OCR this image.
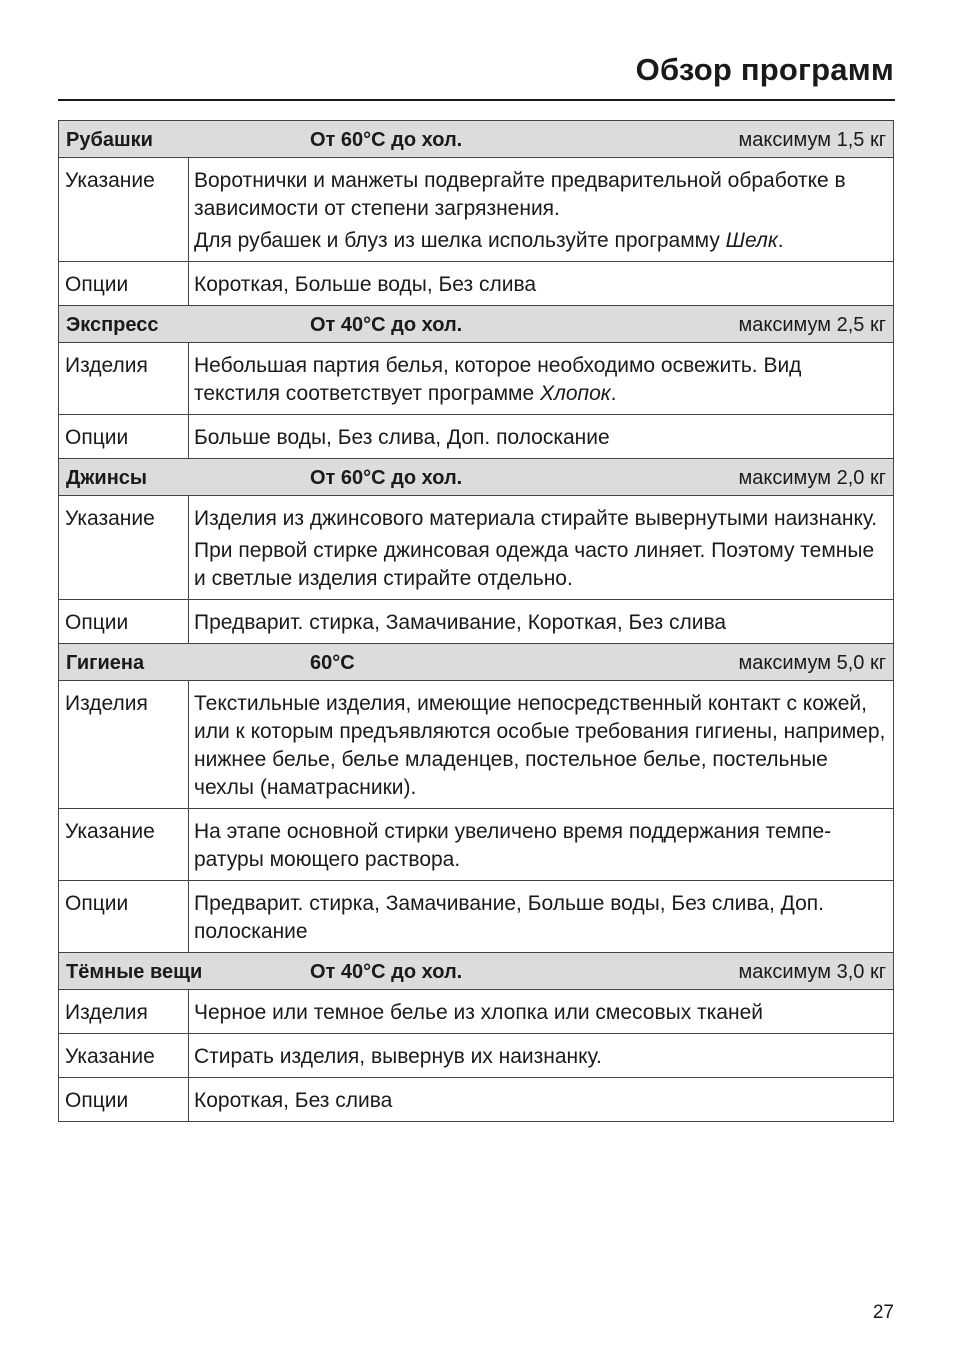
Обзор программ
Рубашки От 60°C до хол. максимум 1,5 кг	

Указание	Воротнички и манжеты подвергайте предварительной обработке в зависимости от степени загрязнения.

Для рубашек и блуз из шелка используйте программу Шелк.

Опции	Короткая, Больше воды, Без слива

Экспресс От 40°C до хол. максимум 2,5 кг	

Изделия	Небольшая партия белья, которое необходимо освежить. Вид текстиля соответствует программе Хлопок.
Опции	Больше воды, Без слива, Доп. полоскание

Джинсы От 60°C до хол. максимум 2,0 кг	

Указание	Изделия из джинсового материала стирайте вывернутыми наизнанку.

При первой стирке джинсовая одежда часто линяет. Поэтому темные и светлые изделия стирайте отдельно.

Опции	Предварит. стирка, Замачивание, Короткая, Без слива

Гигиена 60°C максимум 5,0 кг	

Изделия	Текстильные изделия, имеющие непосредственный контакт с кожей, или к которым предъявляются особые требования гигиены, например, нижнее белье, белье младенцев, постельное белье, постельные чехлы (наматрасники).
Указание	На этапе основной стирки увеличено время поддержания температуры моющего раствора.
Опции	Предварит. стирка, Замачивание, Больше воды, Без слива, Доп. полоскание

Тёмные вещи От 40°C до хол. максимум 3,0 кг	

Изделия	Черное или темное белье из хлопка или смесовых тканей
Указание	Стирать изделия, вывернув их наизнанку.
Опции	Короткая, Без слива
27
